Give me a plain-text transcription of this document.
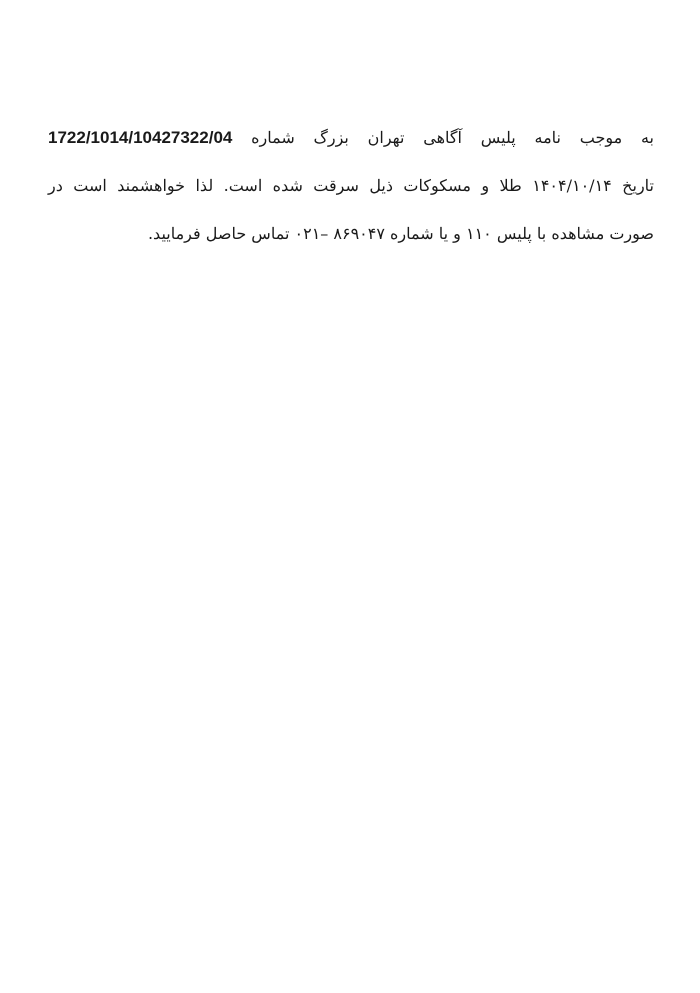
به موجب نامه پلیس آگاهی تهران بزرگ شماره 1722/1014/10427322/04
تاریخ ۱۴۰۴/۱۰/۱۴ طلا و مسکوکات ذیل سرقت شده است. لذا خواهشمند است در
صورت مشاهده با پلیس ۱۱۰ و یا شماره ۸۶۹۰۴۷ –۰۲۱ تماس حاصل فرمایید.
